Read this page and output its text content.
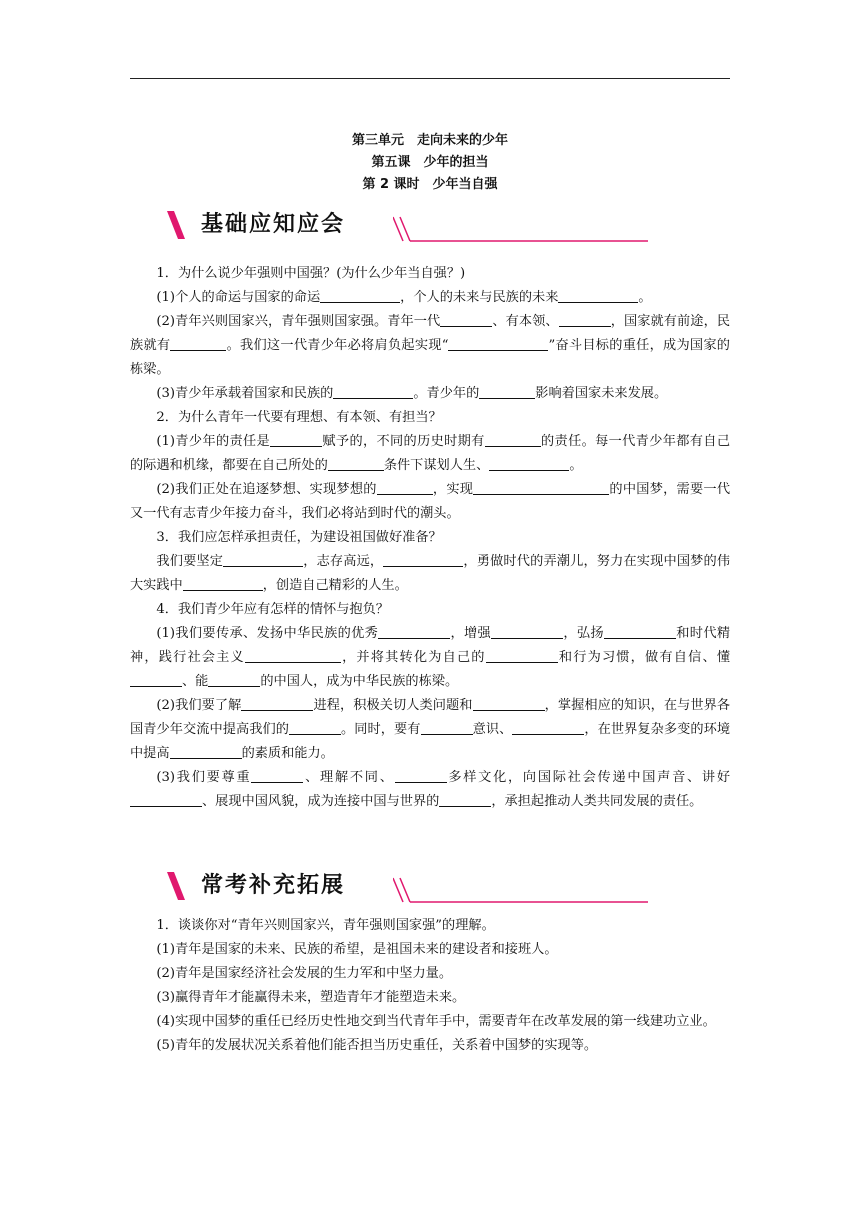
第三单元　走向未来的少年
第五课　少年的担当
第 2 课时　少年当自强
基础应知应会

1．为什么说少年强则中国强？(为什么少年当自强？)

(1)个人的命运与国家的命运	，个人的未来与民族的未来	。

(2)青年兴则国家兴，青年强则国家强。青年一代	、有本领、	，国家就有前途，民族就有	。我们这一代青少年必将肩负起实现“	”奋斗目标的重任，成为国家的栋梁。

(3)青少年承载着国家和民族的	。青少年的	影响着国家未来发展。

2．为什么青年一代要有理想、有本领、有担当？

(1)青少年的责任是	赋予的，不同的历史时期有	的责任。每一代青少年都有自己的际遇和机缘，都要在自己所处的	条件下谋划人生、	。

(2)我们正处在追逐梦想、实现梦想的	，实现	的中国梦，需要一代又一代有志青少年接力奋斗，我们必将站到时代的潮头。

3．我们应怎样承担责任，为建设祖国做好准备？

我们要坚定	，志存高远，	，勇做时代的弄潮儿，努力在实现中国梦的伟大实践中	，创造自己精彩的人生。

4．我们青少年应有怎样的情怀与抱负？

(1)我们要传承、发扬中华民族的优秀	，增强	，弘扬	和时代精神，践行社会主义	，并将其转化为自己的	和行为习惯，做有自信、懂、能	的中国人，成为中华民族的栋梁。

(2)我们要了解	进程，积极关切人类问题和	，掌握相应的知识，在与世界各国青少年交流中提高我们的	。同时，要有	意识、	，在世界复杂多变的环境中提高	的素质和能力。

(3)我们要尊重	、理解不同、	多样文化，向国际社会传递中国声音、讲好、展现中国风貌，成为连接中国与世界的	，承担起推动人类共同发展的责任。

常考补充拓展

1．谈谈你对“青年兴则国家兴，青年强则国家强”的理解。

(1)青年是国家的未来、民族的希望，是祖国未来的建设者和接班人。

(2)青年是国家经济社会发展的生力军和中坚力量。

(3)赢得青年才能赢得未来，塑造青年才能塑造未来。

(4)实现中国梦的重任已经历史性地交到当代青年手中，需要青年在改革发展的第一线建功立业。

(5)青年的发展状况关系着他们能否担当历史重任，关系着中国梦的实现等。
